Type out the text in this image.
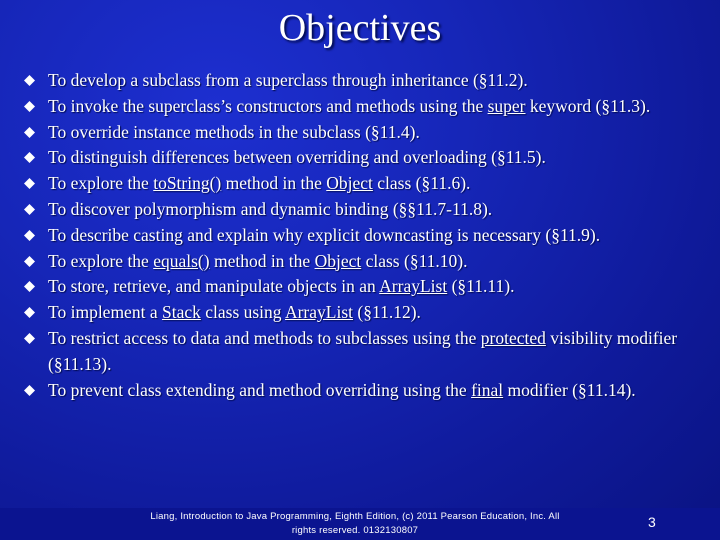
Objectives
To develop a subclass from a superclass through inheritance (§11.2).
To invoke the superclass’s constructors and methods using the super keyword (§11.3).
To override instance methods in the subclass (§11.4).
To distinguish differences between overriding and overloading (§11.5).
To explore the toString() method in the Object class (§11.6).
To discover polymorphism and dynamic binding (§§11.7-11.8).
To describe casting and explain why explicit downcasting is necessary (§11.9).
To explore the equals() method in the Object class (§11.10).
To store, retrieve, and manipulate objects in an ArrayList (§11.11).
To implement a Stack class using ArrayList (§11.12).
To restrict access to data and methods to subclasses using the protected visibility modifier (§11.13).
To prevent class extending and method overriding using the final modifier (§11.14).
Liang, Introduction to Java Programming, Eighth Edition, (c) 2011 Pearson Education, Inc. All
rights reserved. 0132130807
3
